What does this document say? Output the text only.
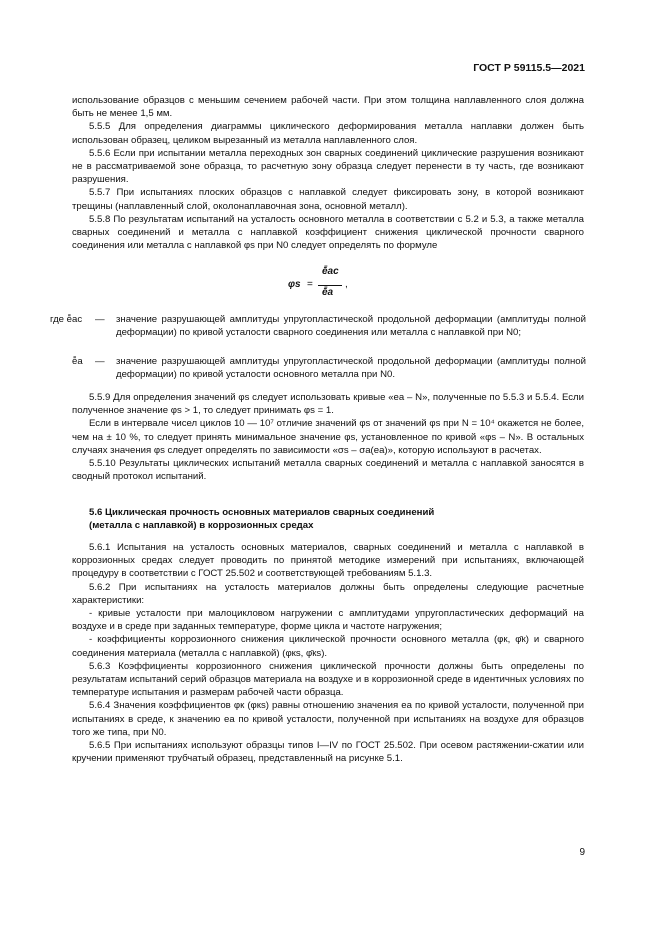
ГОСТ Р 59115.5—2021

использование образцов с меньшим сечением рабочей части. При этом толщина наплавленного слоя должна быть не менее 1,5 мм.

5.5.5 Для определения диаграммы циклического деформирования металла наплавки должен быть использован образец, целиком вырезанный из металла наплавленного слоя.

5.5.6 Если при испытании металла переходных зон сварных соединений циклические разрушения возникают не в рассматриваемой зоне образца, то расчетную зону образца следует перенести в ту часть, где возникают разрушения.

5.5.7 При испытаниях плоских образцов с наплавкой следует фиксировать зону, в которой возникают трещины (наплавленный слой, околонаплавочная зона, основной металл).

5.5.8 По результатам испытаний на усталость основного металла в соответствии с 5.2 и 5.3, а также металла сварных соединений и металла с наплавкой коэффициент снижения циклической прочности сварного соединения или металла с наплавкой φs при N0 следует определять по формуле

φs =
ē̄ас
ē̄а
,
где ē̄ас	— значение разрушающей амплитуды упругопластической продольной деформации (амплитуды полной деформации) по кривой усталости сварного соединения или металла с наплавкой при N0;
ē̄а	— значение разрушающей амплитуды упругопластической продольной деформации (амплитуды полной деформации) по кривой усталости основного металла при N0.

5.5.9 Для определения значений φs следует использовать кривые «еа – N», полученные по 5.5.3 и 5.5.4. Если полученное значение φs > 1, то следует принимать φs = 1.

Если в интервале чисел циклов 10 — 10⁷ отличие значений φs от значений φs при N = 10⁴ окажется не более, чем на ± 10 %, то следует принять минимальное значение φs, установленное по кривой «φs – N». В остальных случаях значения φs следует определять по зависимости «σs – σa(еа)», которую используют в расчетах.

5.5.10 Результаты циклических испытаний металла сварных соединений и металла с наплавкой заносятся в сводный протокол испытаний.

5.6 Циклическая прочность основных материалов сварных соединений

(металла с наплавкой) в коррозионных средах

5.6.1 Испытания на усталость основных материалов, сварных соединений и металла с наплавкой в коррозионных средах следует проводить по принятой методике измерений при испытаниях, включающей процедуру в соответствии с ГОСТ 25.502 и соответствующей требованиям 5.1.3.

5.6.2 При испытаниях на усталость материалов должны быть определены следующие расчетные характеристики:

- кривые усталости при малоцикловом нагружении с амплитудами упругопластических деформаций на воздухе и в среде при заданных температуре, форме цикла и частоте нагружения;

- коэффициенты коррозионного снижения циклической прочности основного металла (φк, φ̄к) и сварного соединения материала (металла с наплавкой) (φкs, φ̄кs).

5.6.3 Коэффициенты коррозионного снижения циклической прочности должны быть определены по результатам испытаний серий образцов материала на воздухе и в коррозионной среде в идентичных условиях по температуре испытания и размерам рабочей части образца.

5.6.4 Значения коэффициентов φк (φкs) равны отношению значения еа по кривой усталости, полученной при испытаниях в среде, к значению еа по кривой усталости, полученной при испытаниях на воздухе для образцов того же типа, при N0.

5.6.5 При испытаниях используют образцы типов I—IV по ГОСТ 25.502. При осевом растяжении-сжатии или кручении применяют трубчатый образец, представленный на рисунке 5.1.

9
